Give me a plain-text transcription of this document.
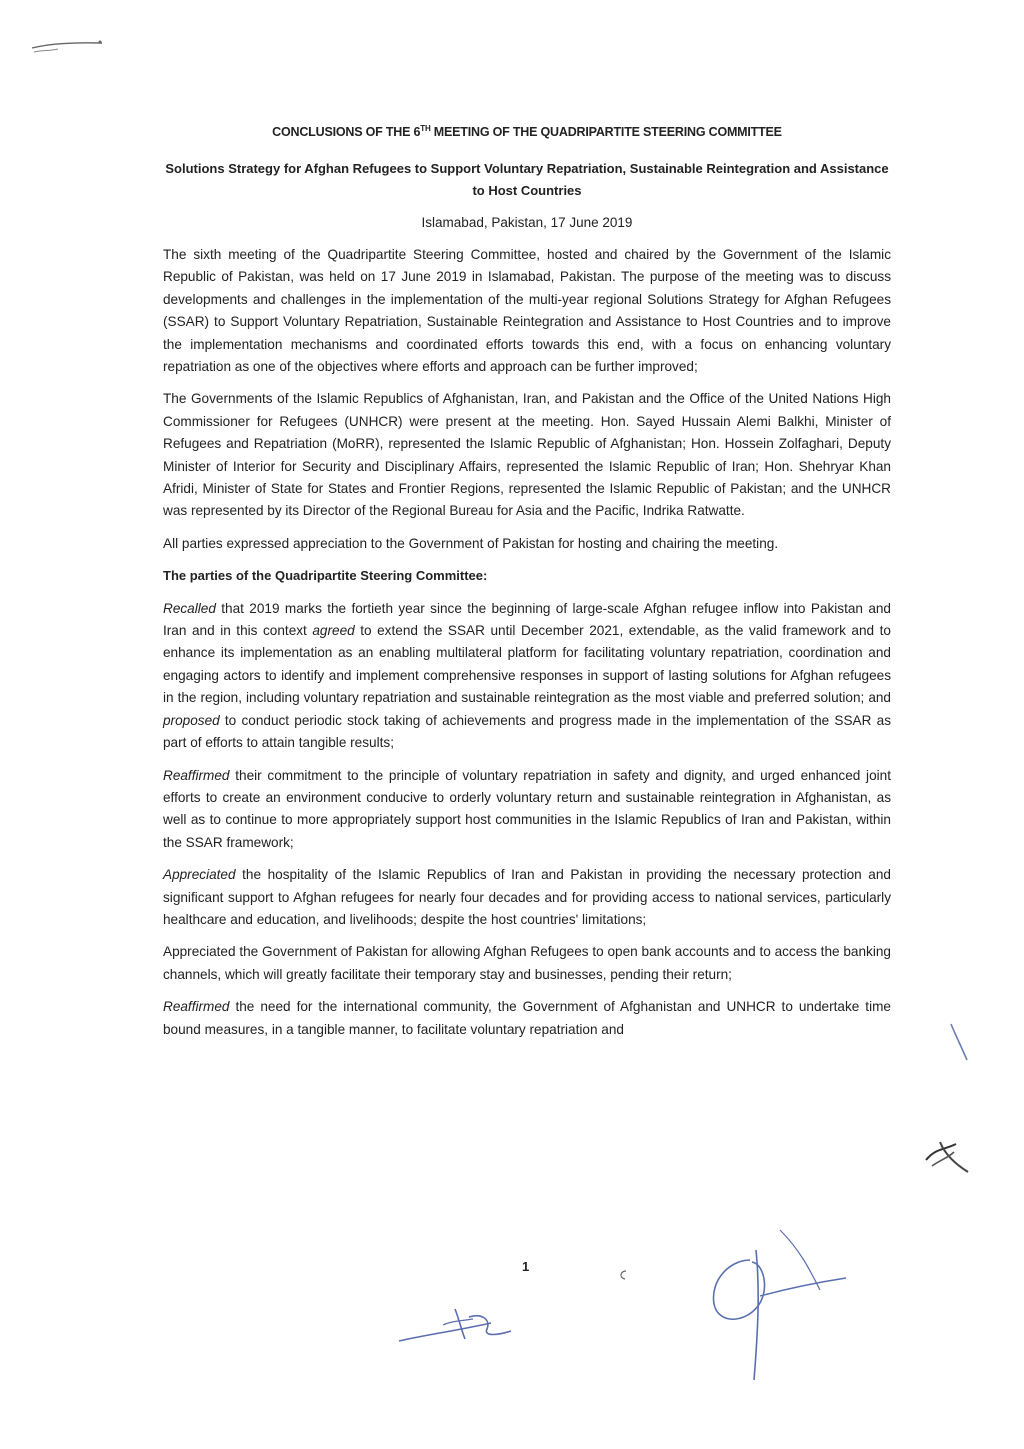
CONCLUSIONS OF THE 6TH MEETING OF THE QUADRIPARTITE STEERING COMMITTEE
Solutions Strategy for Afghan Refugees to Support Voluntary Repatriation, Sustainable Reintegration and Assistance to Host Countries
Islamabad, Pakistan, 17 June 2019

The sixth meeting of the Quadripartite Steering Committee, hosted and chaired by the Government of the Islamic Republic of Pakistan, was held on 17 June 2019 in Islamabad, Pakistan. The purpose of the meeting was to discuss developments and challenges in the implementation of the multi-year regional Solutions Strategy for Afghan Refugees (SSAR) to Support Voluntary Repatriation, Sustainable Reintegration and Assistance to Host Countries and to improve the implementation mechanisms and coordinated efforts towards this end, with a focus on enhancing voluntary repatriation as one of the objectives where efforts and approach can be further improved;

The Governments of the Islamic Republics of Afghanistan, Iran, and Pakistan and the Office of the United Nations High Commissioner for Refugees (UNHCR) were present at the meeting. Hon. Sayed Hussain Alemi Balkhi, Minister of Refugees and Repatriation (MoRR), represented the Islamic Republic of Afghanistan; Hon. Hossein Zolfaghari, Deputy Minister of Interior for Security and Disciplinary Affairs, represented the Islamic Republic of Iran; Hon. Shehryar Khan Afridi, Minister of State for States and Frontier Regions, represented the Islamic Republic of Pakistan; and the UNHCR was represented by its Director of the Regional Bureau for Asia and the Pacific, Indrika Ratwatte.

All parties expressed appreciation to the Government of Pakistan for hosting and chairing the meeting.

The parties of the Quadripartite Steering Committee:

Recalled that 2019 marks the fortieth year since the beginning of large-scale Afghan refugee inflow into Pakistan and Iran and in this context agreed to extend the SSAR until December 2021, extendable, as the valid framework and to enhance its implementation as an enabling multilateral platform for facilitating voluntary repatriation, coordination and engaging actors to identify and implement comprehensive responses in support of lasting solutions for Afghan refugees in the region, including voluntary repatriation and sustainable reintegration as the most viable and preferred solution; and proposed to conduct periodic stock taking of achievements and progress made in the implementation of the SSAR as part of efforts to attain tangible results;

Reaffirmed their commitment to the principle of voluntary repatriation in safety and dignity, and urged enhanced joint efforts to create an environment conducive to orderly voluntary return and sustainable reintegration in Afghanistan, as well as to continue to more appropriately support host communities in the Islamic Republics of Iran and Pakistan, within the SSAR framework;

Appreciated the hospitality of the Islamic Republics of Iran and Pakistan in providing the necessary protection and significant support to Afghan refugees for nearly four decades and for providing access to national services, particularly healthcare and education, and livelihoods; despite the host countries' limitations;

Appreciated the Government of Pakistan for allowing Afghan Refugees to open bank accounts and to access the banking channels, which will greatly facilitate their temporary stay and businesses, pending their return;

Reaffirmed the need for the international community, the Government of Afghanistan and UNHCR to undertake time bound measures, in a tangible manner, to facilitate voluntary repatriation and

1
